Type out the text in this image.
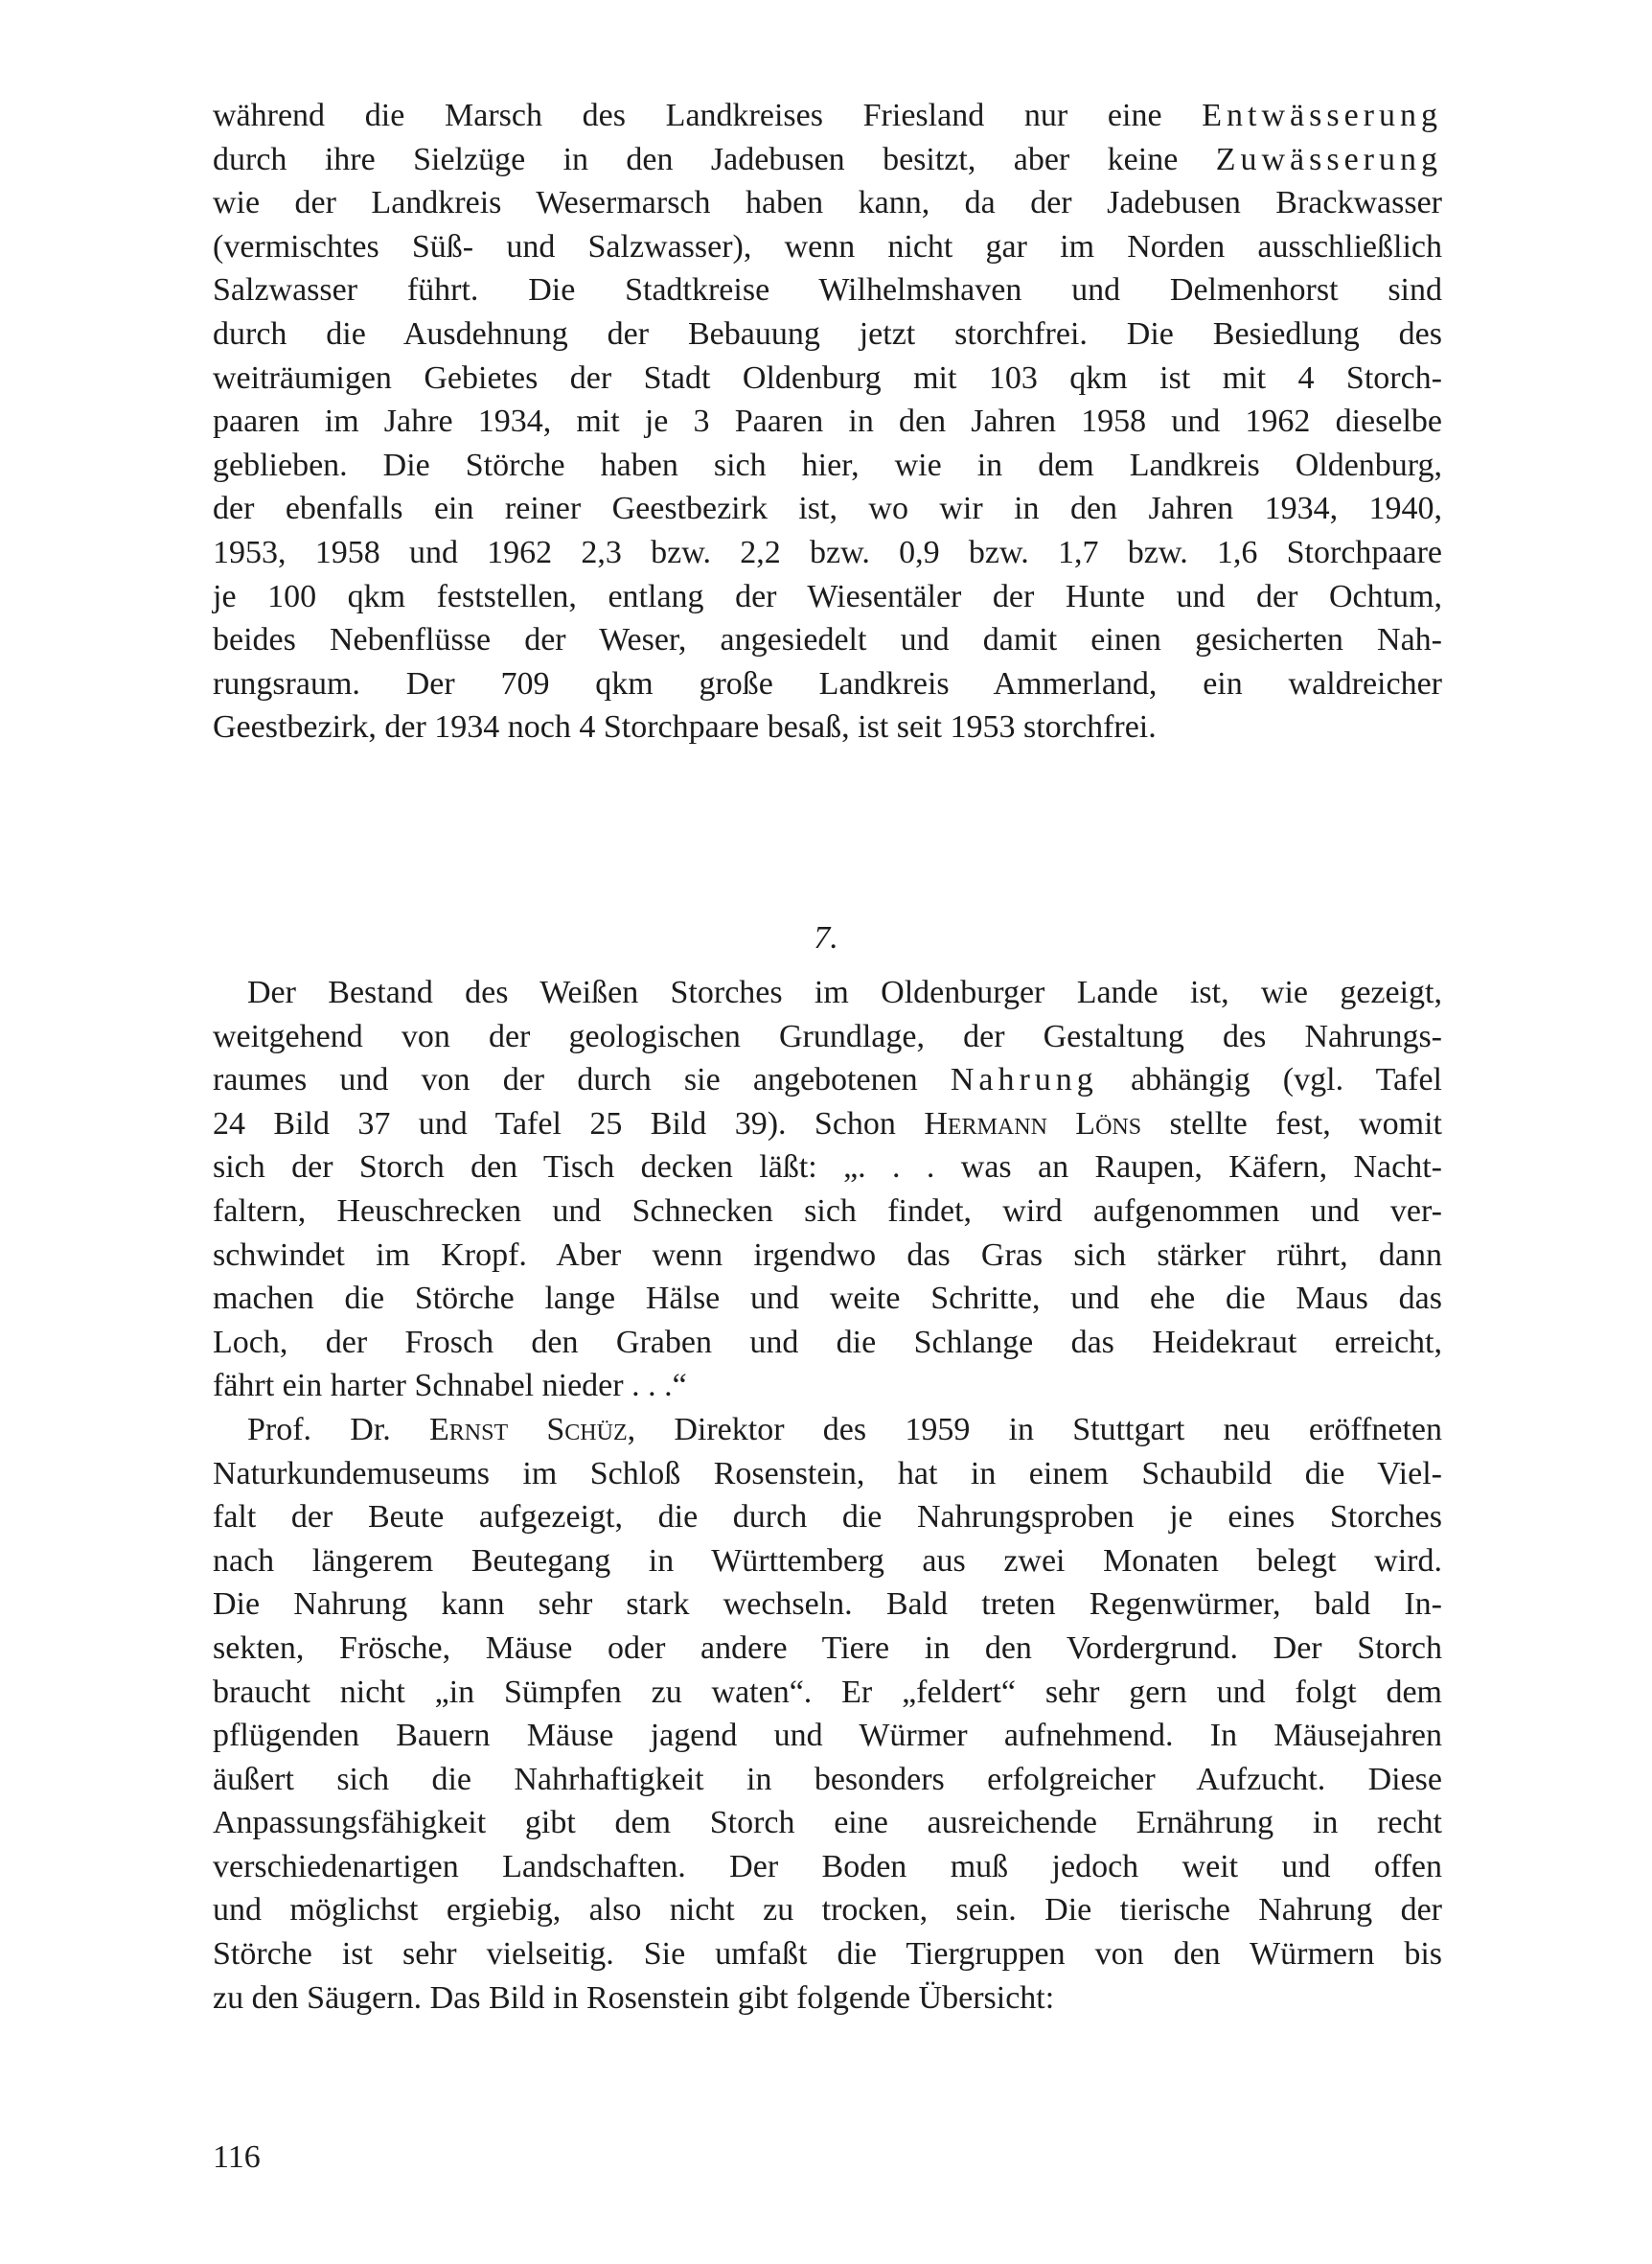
während die Marsch des Landkreises Friesland nur eine Entwässerung
durch ihre Sielzüge in den Jadebusen besitzt, aber keine Zuwässerung
wie der Landkreis Wesermarsch haben kann, da der Jadebusen Brackwasser
(vermischtes Süß- und Salzwasser), wenn nicht gar im Norden ausschließlich
Salzwasser führt. Die Stadtkreise Wilhelmshaven und Delmenhorst sind
durch die Ausdehnung der Bebauung jetzt storchfrei. Die Besiedlung des
weiträumigen Gebietes der Stadt Oldenburg mit 103 qkm ist mit 4 Storch-
paaren im Jahre 1934, mit je 3 Paaren in den Jahren 1958 und 1962 dieselbe
geblieben. Die Störche haben sich hier, wie in dem Landkreis Oldenburg,
der ebenfalls ein reiner Geestbezirk ist, wo wir in den Jahren 1934, 1940,
1953, 1958 und 1962 2,3 bzw. 2,2 bzw. 0,9 bzw. 1,7 bzw. 1,6 Storchpaare
je 100 qkm feststellen, entlang der Wiesentäler der Hunte und der Ochtum,
beides Nebenflüsse der Weser, angesiedelt und damit einen gesicherten Nah-
rungsraum. Der 709 qkm große Landkreis Ammerland, ein waldreicher
Geestbezirk, der 1934 noch 4 Storchpaare besaß, ist seit 1953 storchfrei.
7.
Der Bestand des Weißen Storches im Oldenburger Lande ist, wie gezeigt,
weitgehend von der geologischen Grundlage, der Gestaltung des Nahrungs-
raumes und von der durch sie angebotenen Nahrung abhängig (vgl. Tafel
24 Bild 37 und Tafel 25 Bild 39). Schon Hermann Löns stellte fest, womit
sich der Storch den Tisch decken läßt: „. . . was an Raupen, Käfern, Nacht-
faltern, Heuschrecken und Schnecken sich findet, wird aufgenommen und ver-
schwindet im Kropf. Aber wenn irgendwo das Gras sich stärker rührt, dann
machen die Störche lange Hälse und weite Schritte, und ehe die Maus das
Loch, der Frosch den Graben und die Schlange das Heidekraut erreicht,
fährt ein harter Schnabel nieder . . .“
Prof. Dr. Ernst Schüz, Direktor des 1959 in Stuttgart neu eröffneten
Naturkundemuseums im Schloß Rosenstein, hat in einem Schaubild die Viel-
falt der Beute aufgezeigt, die durch die Nahrungsproben je eines Storches
nach längerem Beutegang in Württemberg aus zwei Monaten belegt wird.
Die Nahrung kann sehr stark wechseln. Bald treten Regenwürmer, bald In-
sekten, Frösche, Mäuse oder andere Tiere in den Vordergrund. Der Storch
braucht nicht „in Sümpfen zu waten“. Er „feldert“ sehr gern und folgt dem
pflügenden Bauern Mäuse jagend und Würmer aufnehmend. In Mäusejahren
äußert sich die Nahrhaftigkeit in besonders erfolgreicher Aufzucht. Diese
Anpassungsfähigkeit gibt dem Storch eine ausreichende Ernährung in recht
verschiedenartigen Landschaften. Der Boden muß jedoch weit und offen
und möglichst ergiebig, also nicht zu trocken, sein. Die tierische Nahrung der
Störche ist sehr vielseitig. Sie umfaßt die Tiergruppen von den Würmern bis
zu den Säugern. Das Bild in Rosenstein gibt folgende Übersicht:
116
